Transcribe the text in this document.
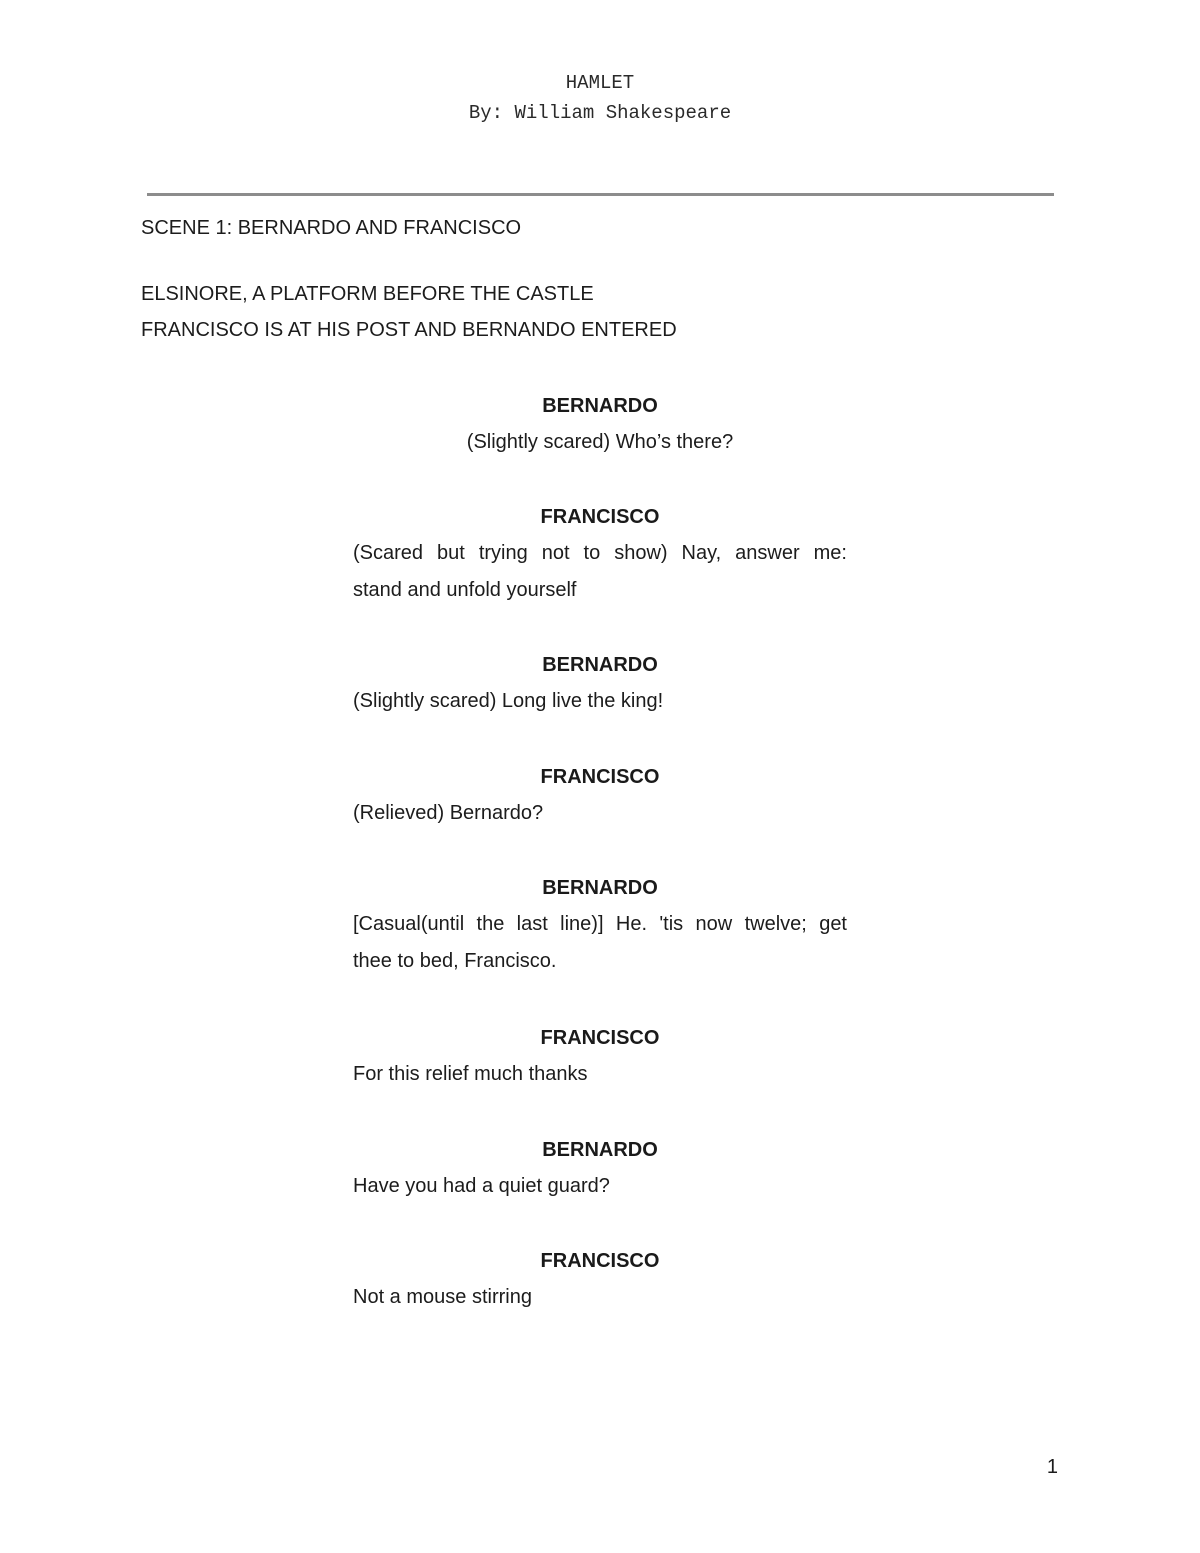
HAMLET
By: William Shakespeare
SCENE 1: BERNARDO AND FRANCISCO
ELSINORE, A PLATFORM BEFORE THE CASTLE
FRANCISCO IS AT HIS POST AND BERNANDO ENTERED
BERNARDO
(Slightly scared) Who’s there?
FRANCISCO
(Scared but trying not to show) Nay, answer me:
stand and unfold yourself
BERNARDO
(Slightly scared) Long live the king!
FRANCISCO
(Relieved) Bernardo?
BERNARDO
[Casual(until the last line)] He. 'tis now twelve; get
thee to bed, Francisco.
FRANCISCO
For this relief much thanks
BERNARDO
Have you had a quiet guard?
FRANCISCO
Not a mouse stirring
1
